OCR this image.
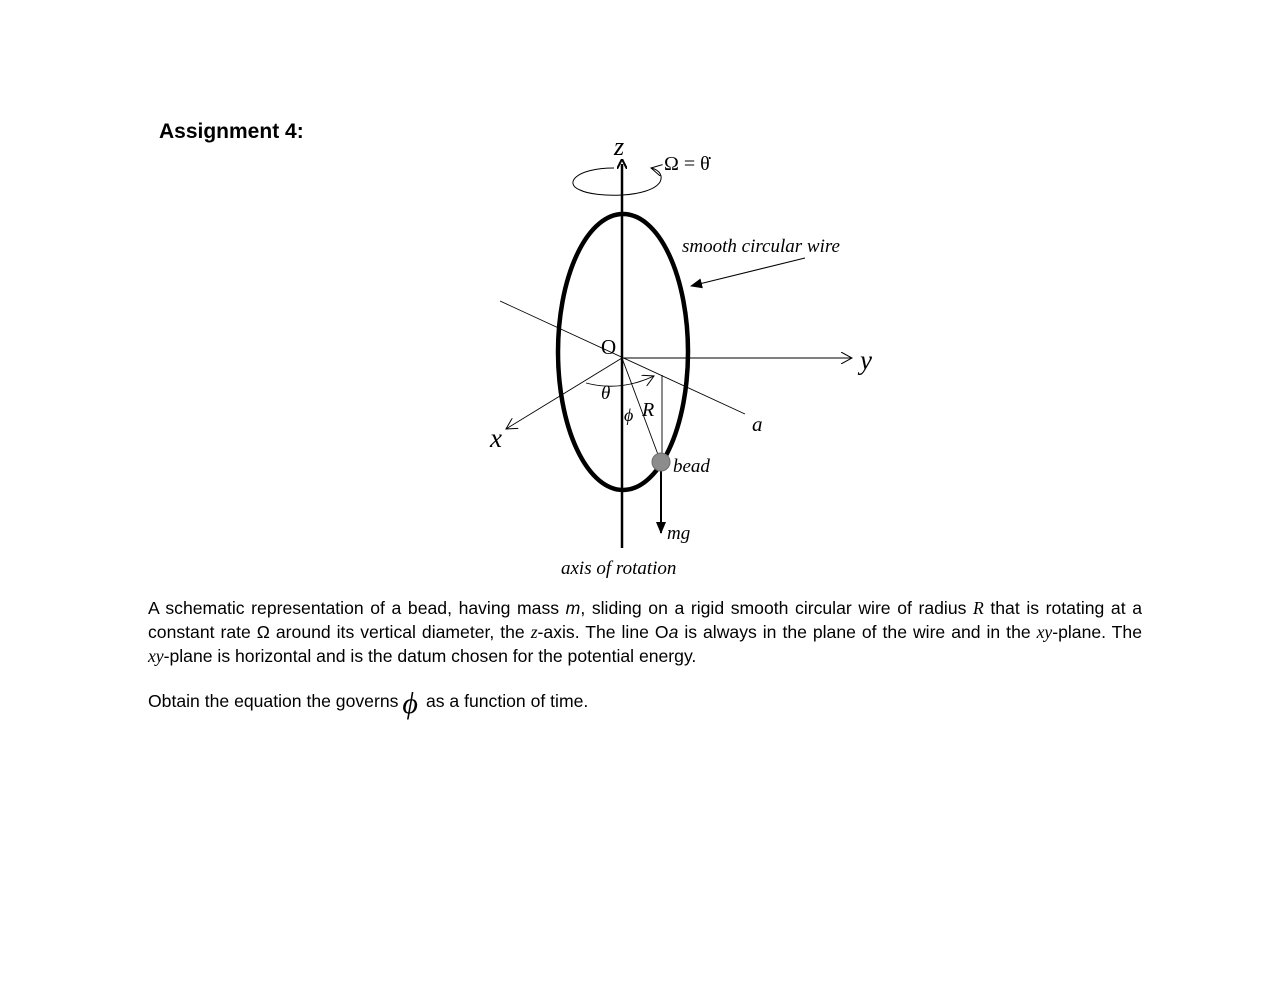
Assignment 4:
z
Ω = θ̇
smooth circular wire
O	y
θ
R
ϕ	a
x
bead
mg
axis of rotation
A schematic representation of a bead, having mass m, sliding on a rigid smooth circular wire of radius R that is rotating at a constant rate Ω around its vertical diameter, the z-axis. The line Oa is always in the plane of the wire and in the xy-plane. The xy-plane is horizontal and is the datum chosen for the potential energy.
Obtain the equation the governs ϕ as a function of time.
